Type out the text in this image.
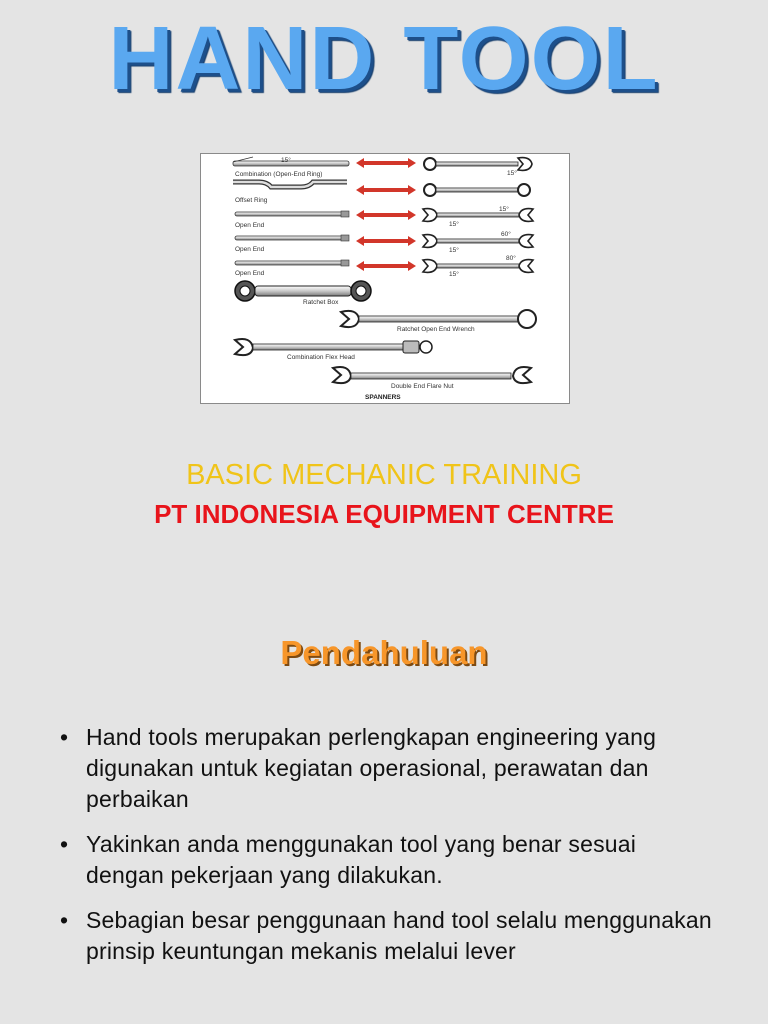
HAND TOOL
15°
Combination (Open-End Ring)	15°
Offset Ring
Open End
15°
15°
Open End
60°
15°
Open End
80°
15°
Ratchet Box
Ratchet Open End Wrench
Combination Flex Head
Double End Flare Nut
SPANNERS
BASIC MECHANIC TRAINING
PT INDONESIA EQUIPMENT CENTRE
Pendahuluan
• Hand tools merupakan perlengkapan engineering yang digunakan untuk kegiatan operasional, perawatan dan perbaikan
• Yakinkan anda menggunakan tool yang benar sesuai dengan pekerjaan yang dilakukan.
• Sebagian besar penggunaan hand tool selalu menggunakan prinsip keuntungan mekanis melalui lever
